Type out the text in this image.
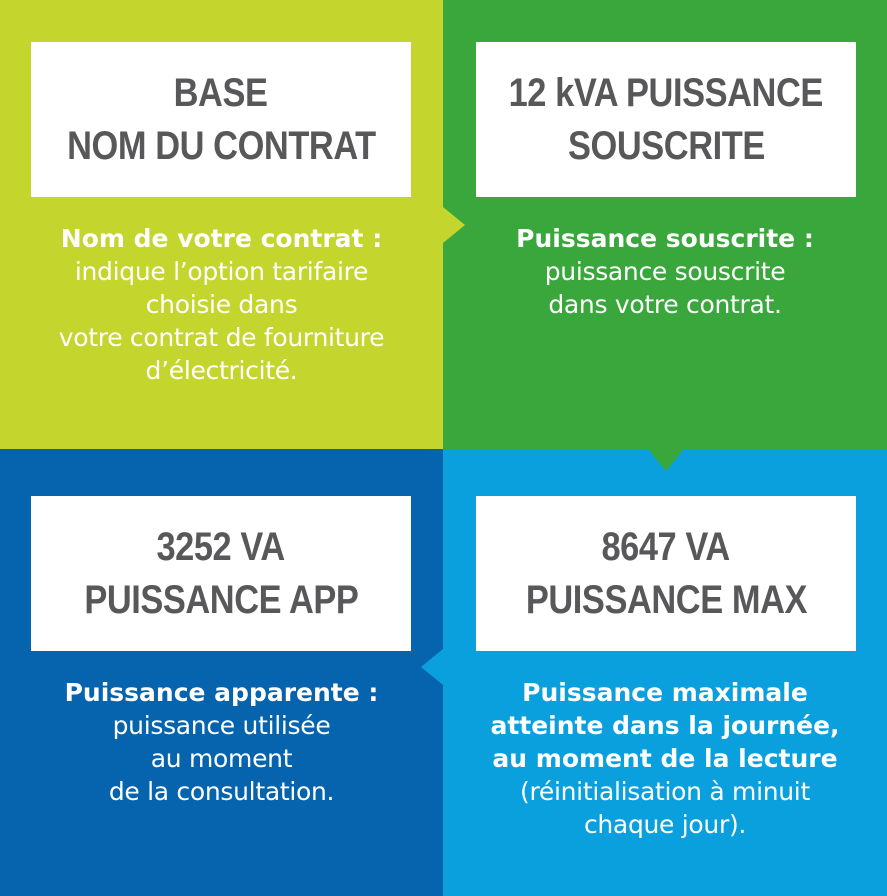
BASE
NOM DU CONTRAT
Nom de votre contrat :
indique l’option tarifaire
choisie dans
votre contrat de fourniture
d’électricité.
12 kVA PUISSANCE
SOUSCRITE
Puissance souscrite :
puissance souscrite
dans votre contrat.
3252 VA
PUISSANCE APP
Puissance apparente :
puissance utilisée
au moment
de la consultation.
8647 VA
PUISSANCE MAX
Puissance maximale
atteinte dans la journée,
au moment de la lecture
(réinitialisation à minuit
chaque jour).
